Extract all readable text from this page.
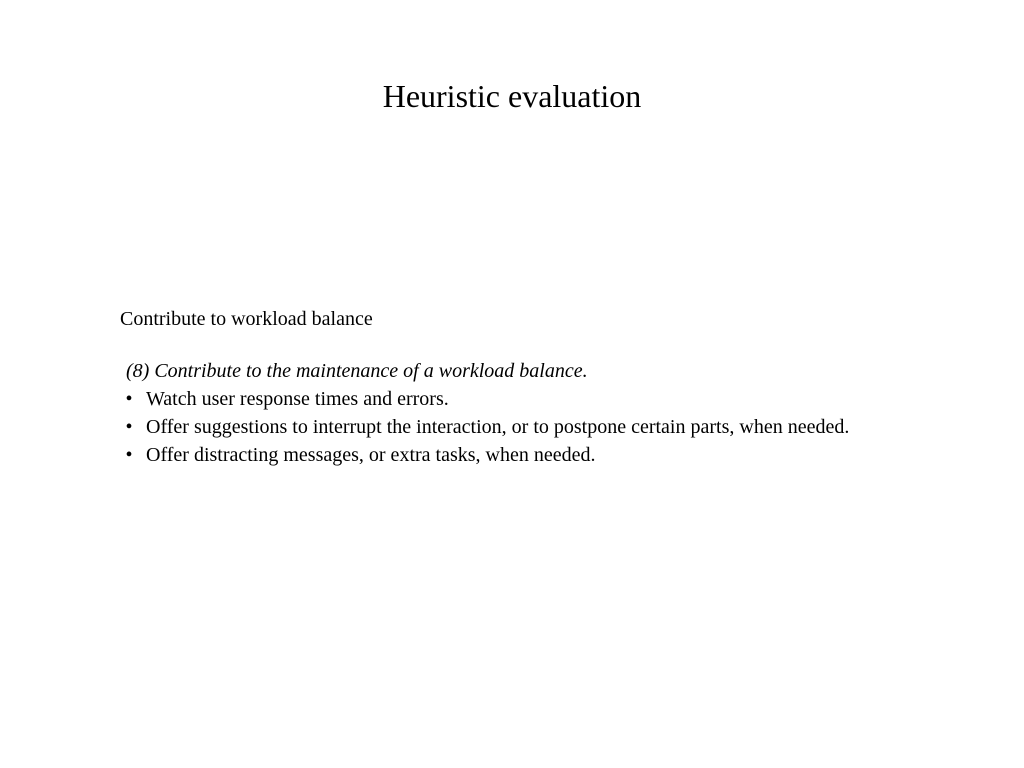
Heuristic evaluation

Contribute to workload balance

(8) Contribute to the maintenance of a workload balance.

• Watch user response times and errors.
• Offer suggestions to interrupt the interaction, or to postpone certain parts, when needed.
• Offer distracting messages, or extra tasks, when needed.
